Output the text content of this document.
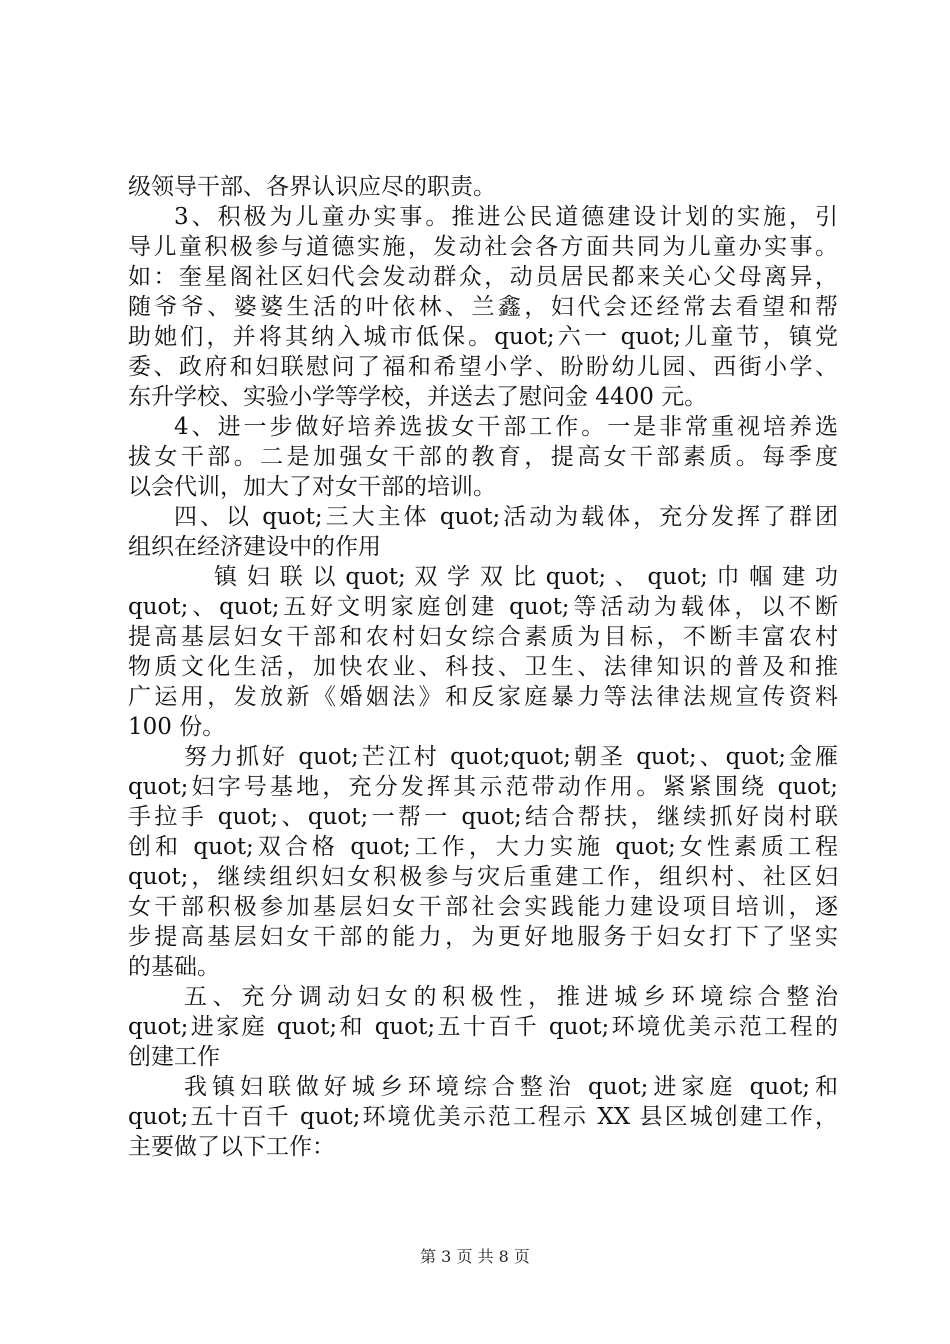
级领导干部、各界认识应尽的职责。
3、积极为儿童办实事。推进公民道德建设计划的实施，引
导儿童积极参与道德实施，发动社会各方面共同为儿童办实事。
如：奎星阁社区妇代会发动群众，动员居民都来关心父母离异，
随爷爷、婆婆生活的叶依林、兰鑫，妇代会还经常去看望和帮
助她们，并将其纳入城市低保。quot;六一 quot;儿童节，镇党
委、政府和妇联慰问了福和希望小学、盼盼幼儿园、西街小学、
东升学校、实验小学等学校，并送去了慰问金 4400 元。
4、进一步做好培养选拔女干部工作。一是非常重视培养选
拔女干部。二是加强女干部的教育，提高女干部素质。每季度
以会代训，加大了对女干部的培训。
四、以 quot;三大主体 quot;活动为载体，充分发挥了群团
组织在经济建设中的作用
镇 妇 联 以 quot; 双 学 双 比 quot; 、 quot; 巾 帼 建 功
quot;、quot;五好文明家庭创建 quot;等活动为载体，以不断
提高基层妇女干部和农村妇女综合素质为目标，不断丰富农村
物质文化生活，加快农业、科技、卫生、法律知识的普及和推
广运用，发放新《婚姻法》和反家庭暴力等法律法规宣传资料
100 份。
努力抓好 quot;芒江村 quot;quot;朝圣 quot;、quot;金雁
quot;妇字号基地，充分发挥其示范带动作用。紧紧围绕 quot;
手拉手 quot;、quot;一帮一 quot;结合帮扶，继续抓好岗村联
创和 quot;双合格 quot;工作，大力实施 quot;女性素质工程
quot;，继续组织妇女积极参与灾后重建工作，组织村、社区妇
女干部积极参加基层妇女干部社会实践能力建设项目培训，逐
步提高基层妇女干部的能力，为更好地服务于妇女打下了坚实
的基础。
五、充分调动妇女的积极性，推进城乡环境综合整治
quot;进家庭 quot;和 quot;五十百千 quot;环境优美示范工程的
创建工作
我镇妇联做好城乡环境综合整治 quot;进家庭 quot;和
quot;五十百千 quot;环境优美示范工程示 XX 县区城创建工作，
主要做了以下工作：
第 3 页 共 8 页
